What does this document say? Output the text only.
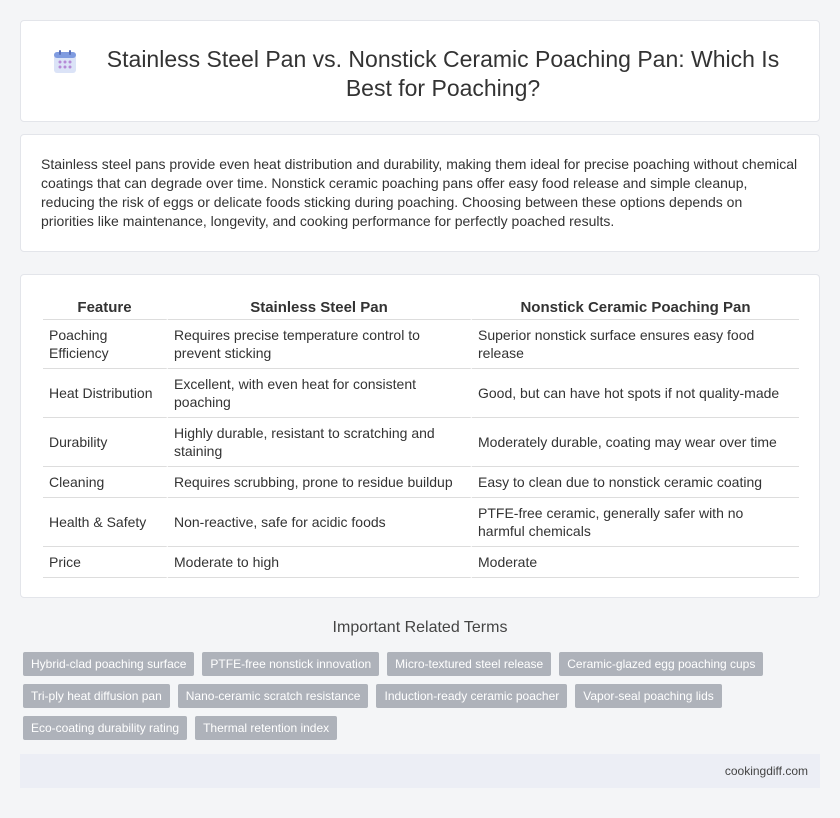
Stainless Steel Pan vs. Nonstick Ceramic Poaching Pan: Which Is Best for Poaching?

Stainless steel pans provide even heat distribution and durability, making them ideal for precise poaching without chemical coatings that can degrade over time. Nonstick ceramic poaching pans offer easy food release and simple cleanup, reducing the risk of eggs or delicate foods sticking during poaching. Choosing between these options depends on priorities like maintenance, longevity, and cooking performance for perfectly poached results.

Feature	Stainless Steel Pan	Nonstick Ceramic Poaching Pan
Poaching Efficiency	Requires precise temperature control to prevent sticking	Superior nonstick surface ensures easy food release
Heat Distribution	Excellent, with even heat for consistent poaching	Good, but can have hot spots if not quality-made
Durability	Highly durable, resistant to scratching and staining	Moderately durable, coating may wear over time
Cleaning	Requires scrubbing, prone to residue buildup	Easy to clean due to nonstick ceramic coating
Health & Safety	Non-reactive, safe for acidic foods	PTFE-free ceramic, generally safer with no harmful chemicals
Price	Moderate to high	Moderate
Important Related Terms
Hybrid-clad poaching surface	PTFE-free nonstick innovation	Micro-textured steel release	Ceramic-glazed egg poaching cups
Tri-ply heat diffusion pan	Nano-ceramic scratch resistance	Induction-ready ceramic poacher	Vapor-seal poaching lids
Eco-coating durability rating	Thermal retention index
cookingdiff.com
